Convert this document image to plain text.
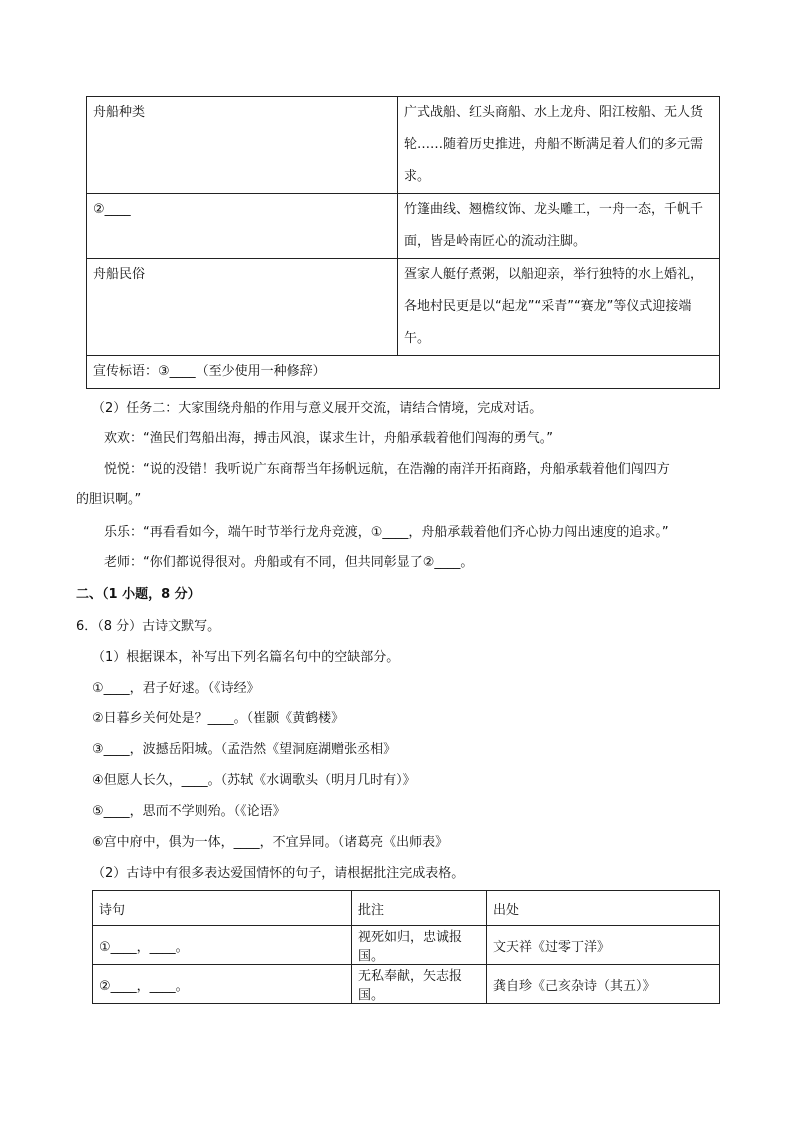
舟船种类	广式战船、红头商船、水上龙舟、阳江桉船、无人货轮……随着历史推进，舟船不断满足着人们的多元需求。
②____	竹篷曲线、翘檐纹饰、龙头雕工，一舟一态，千帆千面，皆是岭南匠心的流动注脚。
舟船民俗	疍家人艇仔煮粥，以船迎亲，举行独特的水上婚礼，各地村民更是以“起龙”“采青”“赛龙”等仪式迎接端午。
宣传标语：③____（至少使用一种修辞）	
（2）任务二：大家围绕舟船的作用与意义展开交流，请结合情境，完成对话。
欢欢：“渔民们驾船出海，搏击风浪，谋求生计，舟船承载着他们闯海的勇气。”
悦悦：“说的没错！我听说广东商帮当年扬帆远航，在浩瀚的南洋开拓商路，舟船承载着他们闯四方
的胆识啊。”
乐乐：“再看看如今，端午时节举行龙舟竞渡，①____，舟船承载着他们齐心协力闯出速度的追求。”
老师：“你们都说得很对。舟船或有不同，但共同彰显了②____。
二、（1 小题，8 分）
6．（8 分）古诗文默写。
（1）根据课本，补写出下列名篇名句中的空缺部分。
①____，君子好逑。（《诗经》
②日暮乡关何处是？____。（崔颢《黄鹤楼》
③____，波撼岳阳城。（孟浩然《望洞庭湖赠张丞相》
④但愿人长久，____。（苏轼《水调歌头（明月几时有）》
⑤____，思而不学则殆。（《论语》
⑥宫中府中，俱为一体，____，不宜异同。（诸葛亮《出师表》
（2）古诗中有很多表达爱国情怀的句子，请根据批注完成表格。
诗句	批注	出处
①____，____。	视死如归，忠诚报国。	文天祥《过零丁洋》
②____，____。	无私奉献，矢志报国。	龚自珍《己亥杂诗（其五）》
